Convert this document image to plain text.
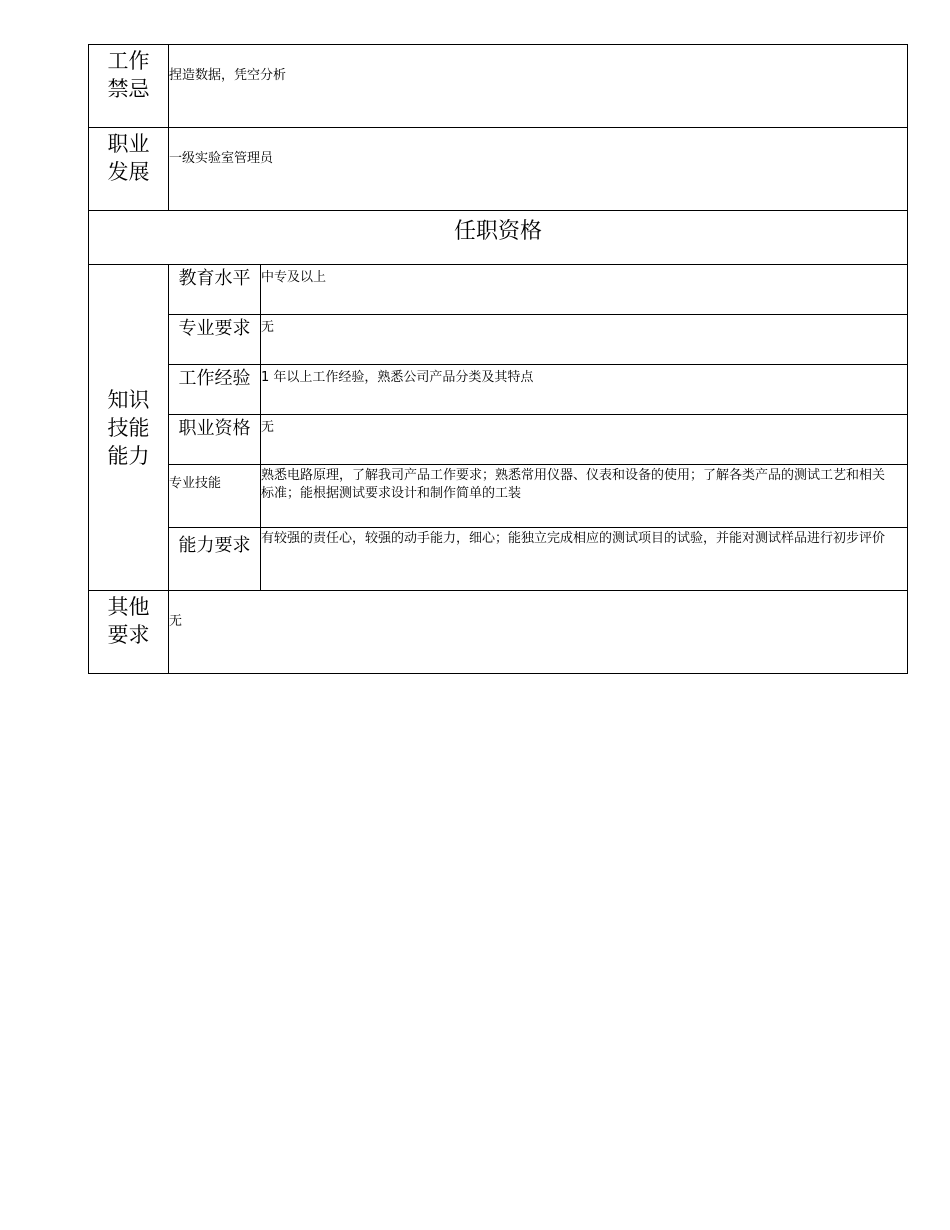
工作禁忌	捏造数据，凭空分析	
职业发展	一级实验室管理员	
任职资格		
知识技能能力	教育水平	中专及以上
	专业要求	无
	工作经验	1 年以上工作经验，熟悉公司产品分类及其特点
	职业资格	无
	专业技能	熟悉电路原理，了解我司产品工作要求；熟悉常用仪器、仪表和设备的使用；了解各类产品的测试工艺和相关标准；能根据测试要求设计和制作简单的工装
	能力要求	有较强的责任心，较强的动手能力，细心；能独立完成相应的测试项目的试验，并能对测试样品进行初步评价
其他要求	无	
